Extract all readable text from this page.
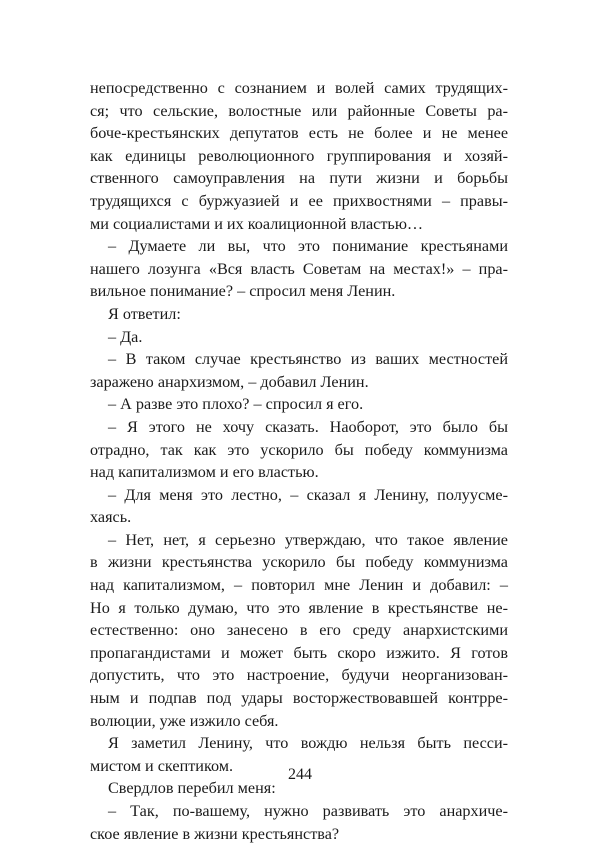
непосредственно с сознанием и волей самих трудящих-
ся; что сельские, волостные или районные Советы ра-
боче-крестьянских депутатов есть не более и не менее
как единицы революционного группирования и хозяй-
ственного самоуправления на пути жизни и борьбы
трудящихся с буржуазией и ее прихвостнями – правы-
ми социалистами и их коалиционной властью…
– Думаете ли вы, что это понимание крестьянами
нашего лозунга «Вся власть Советам на местах!» – пра-
вильное понимание? – спросил меня Ленин.
Я ответил:
– Да.
– В таком случае крестьянство из ваших местностей
заражено анархизмом, – добавил Ленин.
– А разве это плохо? – спросил я его.
– Я этого не хочу сказать. Наоборот, это было бы
отрадно, так как это ускорило бы победу коммунизма
над капитализмом и его властью.
– Для меня это лестно, – сказал я Ленину, полуусме-
хаясь.
– Нет, нет, я серьезно утверждаю, что такое явление
в жизни крестьянства ускорило бы победу коммунизма
над капитализмом, – повторил мне Ленин и добавил: –
Но я только думаю, что это явление в крестьянстве не-
естественно: оно занесено в его среду анархистскими
пропагандистами и может быть скоро изжито. Я готов
допустить, что это настроение, будучи неорганизован-
ным и подпав под удары восторжествовавшей контрре-
волюции, уже изжило себя.
Я заметил Ленину, что вождю нельзя быть песси-
мистом и скептиком.
Свердлов перебил меня:
– Так, по-вашему, нужно развивать это анархиче-
ское явление в жизни крестьянства?
244
